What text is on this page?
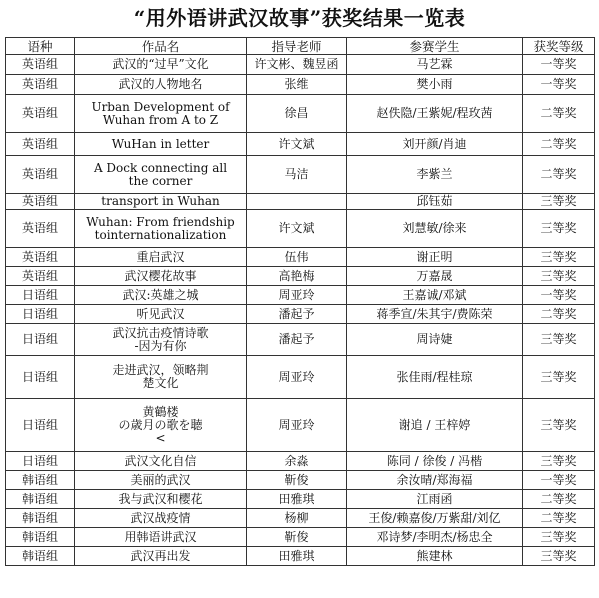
“用外语讲武汉故事”获奖结果一览表
语种	作品名	指导老师	参赛学生	获奖等级
英语组	武汉的“过早”文化	许文彬、魏昱函	马艺霖	一等奖
英语组	武汉的人物地名	张维	樊小雨	一等奖
英语组	Urban Development of
Wuhan from A to Z	徐昌	赵佚隐/王紫妮/程玫茜	二等奖
英语组	WuHan in letter	许文斌	刘开颜/肖迪	二等奖
英语组	A Dock connecting all
the corner	马洁	李紫兰	二等奖
英语组	transport in Wuhan		邱钰茹	三等奖
英语组	Wuhan: From friendship
tointernationalization	许文斌	刘慧敏/徐来	三等奖
英语组	重启武汉	伍伟	谢正明	三等奖
英语组	武汉樱花故事	高艳梅	万嘉晟	三等奖
日语组	武汉:英雄之城	周亚玲	王嘉诚/邓斌	一等奖
日语组	听见武汉	潘起予	蒋季宣/朱其宇/费陈荣	二等奖
日语组	武汉抗击疫情诗歌
-因为有你	潘起予	周诗婕	三等奖
日语组	走进武汉，领略荆
楚文化	周亚玲	张佳雨/程桂琼	三等奖
日语组	黄鶴楼
の歳月の歌を聴
<	周亚玲	谢追 / 王梓婷	三等奖
日语组	武汉文化自信	余淼	陈同 / 徐俊 / 冯楷	三等奖
韩语组	美丽的武汉	靳俊	余汝晴/郑海福	一等奖
韩语组	我与武汉和樱花	田雅琪	江雨函	二等奖
韩语组	武汉战疫情	杨柳	王俊/赖嘉俊/万紫甜/刘亿	二等奖
韩语组	用韩语讲武汉	靳俊	邓诗梦/李明杰/杨忠全	三等奖
韩语组	武汉再出发	田雅琪	熊建林	三等奖
